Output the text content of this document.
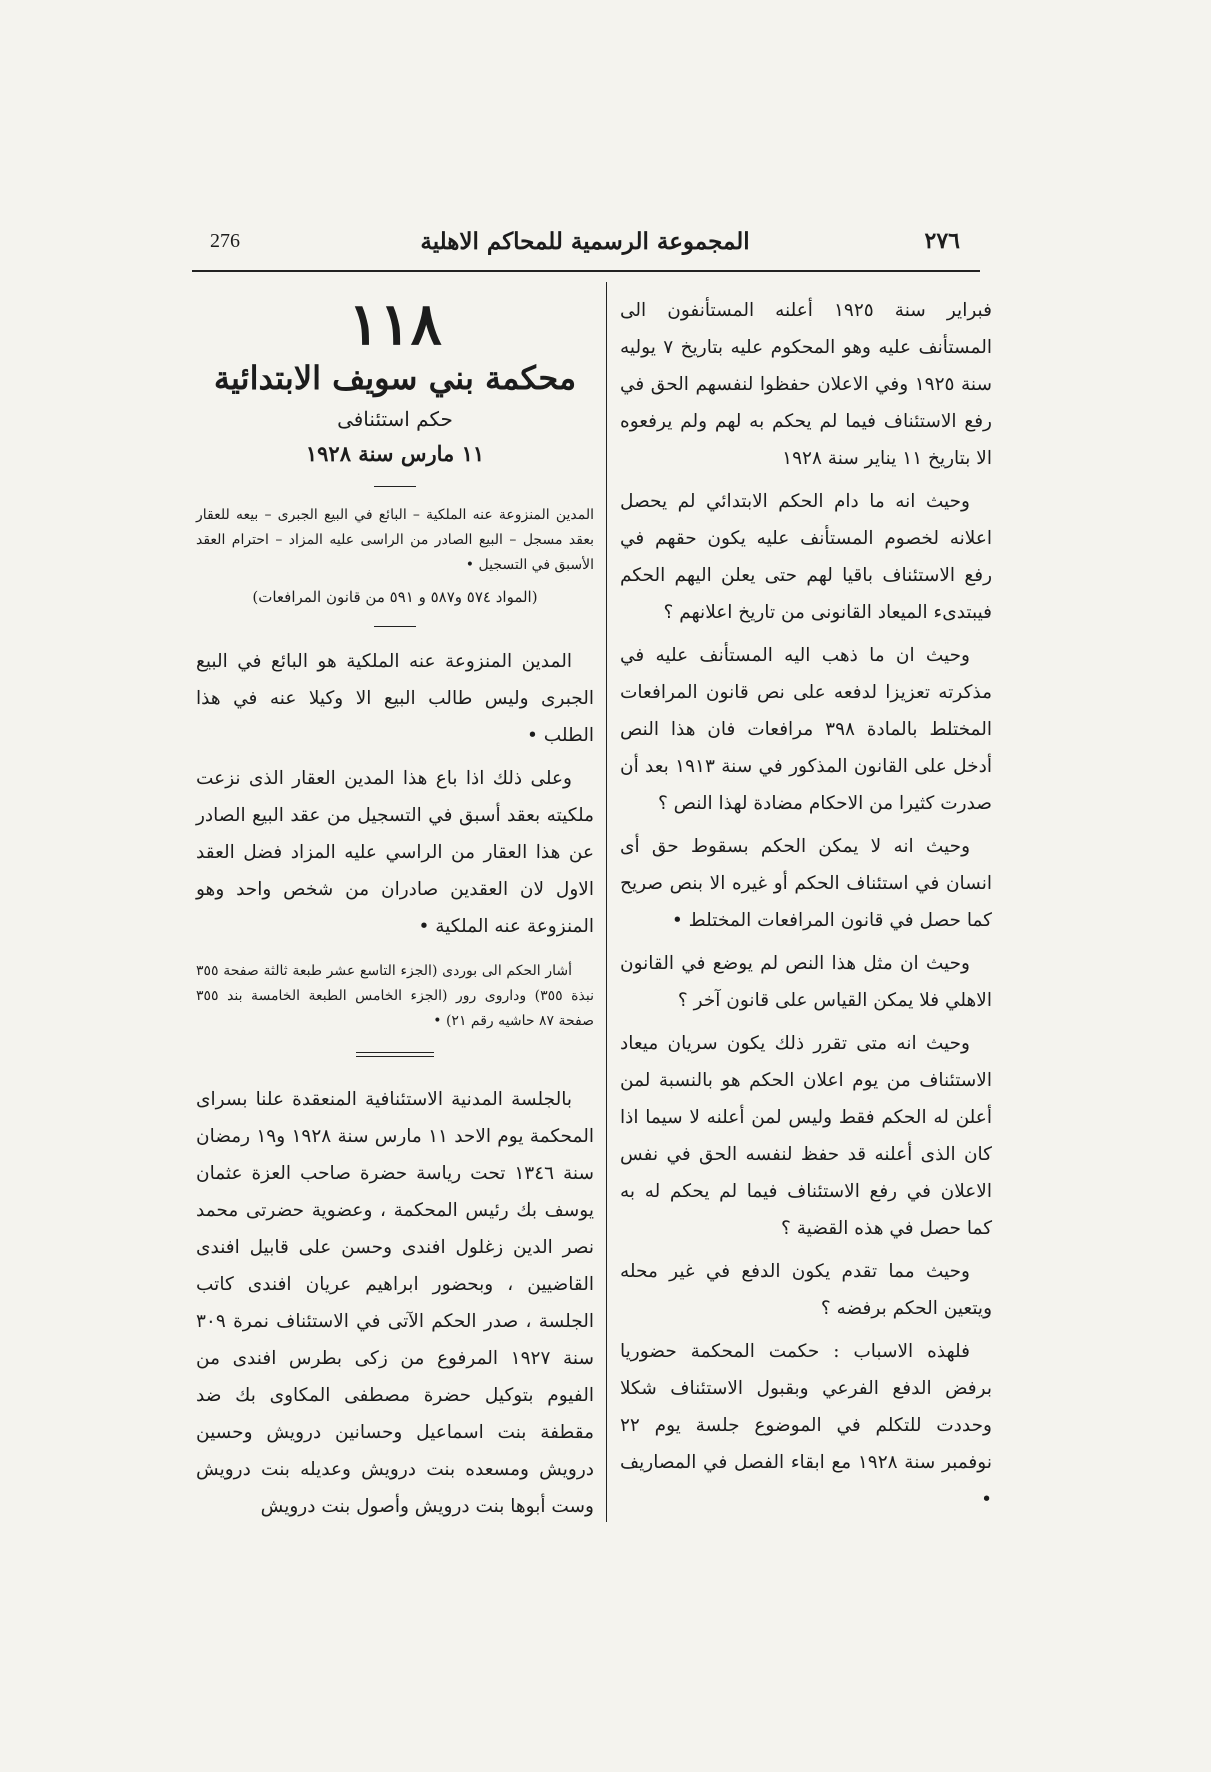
276	المجموعة الرسمية للمحاكم الاهلية	٢٧٦

فبراير سنة ١٩٢٥ أعلنه المستأنفون الى المستأنف عليه وهو المحكوم عليه بتاريخ ٧ يوليه سنة ١٩٢٥ وفي الاعلان حفظوا لنفسهم الحق في رفع الاستئناف فيما لم يحكم به لهم ولم يرفعوه الا بتاريخ ١١ يناير سنة ١٩٢٨

وحيث انه ما دام الحكم الابتدائي لم يحصل اعلانه لخصوم المستأنف عليه يكون حقهم في رفع الاستئناف باقيا لهم حتى يعلن اليهم الحكم فيبتدىء الميعاد القانونى من تاريخ اعلانهم ؟

وحيث ان ما ذهب اليه المستأنف عليه في مذكرته تعزيزا لدفعه على نص قانون المرافعات المختلط بالمادة ٣٩٨ مرافعات فان هذا النص أدخل على القانون المذكور في سنة ١٩١٣ بعد أن صدرت كثيرا من الاحكام مضادة لهذا النص ؟

وحيث انه لا يمكن الحكم بسقوط حق أى انسان في استئناف الحكم أو غيره الا بنص صريح كما حصل في قانون المرافعات المختلط •

وحيث ان مثل هذا النص لم يوضع في القانون الاهلي فلا يمكن القياس على قانون آخر ؟

وحيث انه متى تقرر ذلك يكون سريان ميعاد الاستئناف من يوم اعلان الحكم هو بالنسبة لمن أعلن له الحكم فقط وليس لمن أعلنه لا سيما اذا كان الذى أعلنه قد حفظ لنفسه الحق في نفس الاعلان في رفع الاستئناف فيما لم يحكم له به كما حصل في هذه القضية ؟

وحيث مما تقدم يكون الدفع في غير محله ويتعين الحكم برفضه ؟

فلهذه الاسباب : حكمت المحكمة حضوريا برفض الدفع الفرعي وبقبول الاستئناف شكلا وحددت للتكلم في الموضوع جلسة يوم ٢٢ نوفمبر سنة ١٩٢٨ مع ابقاء الفصل في المصاريف •

١١٨
محكمة بني سويف الابتدائية
حكم استئنافى
١١ مارس سنة ١٩٢٨

المدين المنزوعة عنه الملكية – البائع في البيع الجبرى – بيعه للعقار بعقد مسجل – البيع الصادر من الراسى عليه المزاد – احترام العقد الأسبق في التسجيل •

(المواد ٥٧٤ و٥٨٧ و ٥٩١ من قانون المرافعات)

المدين المنزوعة عنه الملكية هو البائع في البيع الجبرى وليس طالب البيع الا وكيلا عنه في هذا الطلب •

وعلى ذلك اذا باع هذا المدين العقار الذى نزعت ملكيته بعقد أسبق في التسجيل من عقد البيع الصادر عن هذا العقار من الراسي عليه المزاد فضل العقد الاول لان العقدين صادران من شخص واحد وهو المنزوعة عنه الملكية •

أشار الحكم الى بوردى (الجزء التاسع عشر طبعة ثالثة صفحة ٣٥٥ نبذة ٣٥٥) وداروى رور (الجزء الخامس الطبعة الخامسة بند ٣٥٥ صفحة ٨٧ حاشيه رقم ٢١) •

بالجلسة المدنية الاستئنافية المنعقدة علنا بسراى المحكمة يوم الاحد ١١ مارس سنة ١٩٢٨ و١٩ رمضان سنة ١٣٤٦ تحت رياسة حضرة صاحب العزة عثمان يوسف بك رئيس المحكمة ، وعضوية حضرتى محمد نصر الدين زغلول افندى وحسن على قابيل افندى القاضيين ، وبحضور ابراهيم عريان افندى كاتب الجلسة ، صدر الحكم الآتى في الاستئناف نمرة ٣٠٩ سنة ١٩٢٧ المرفوع من زكى بطرس افندى من الفيوم بتوكيل حضرة مصطفى المكاوى بك ضد مقطفة بنت اسماعيل وحسانين درويش وحسين درويش ومسعده بنت درويش وعديله بنت درويش وست أبوها بنت درويش وأصول بنت درويش
